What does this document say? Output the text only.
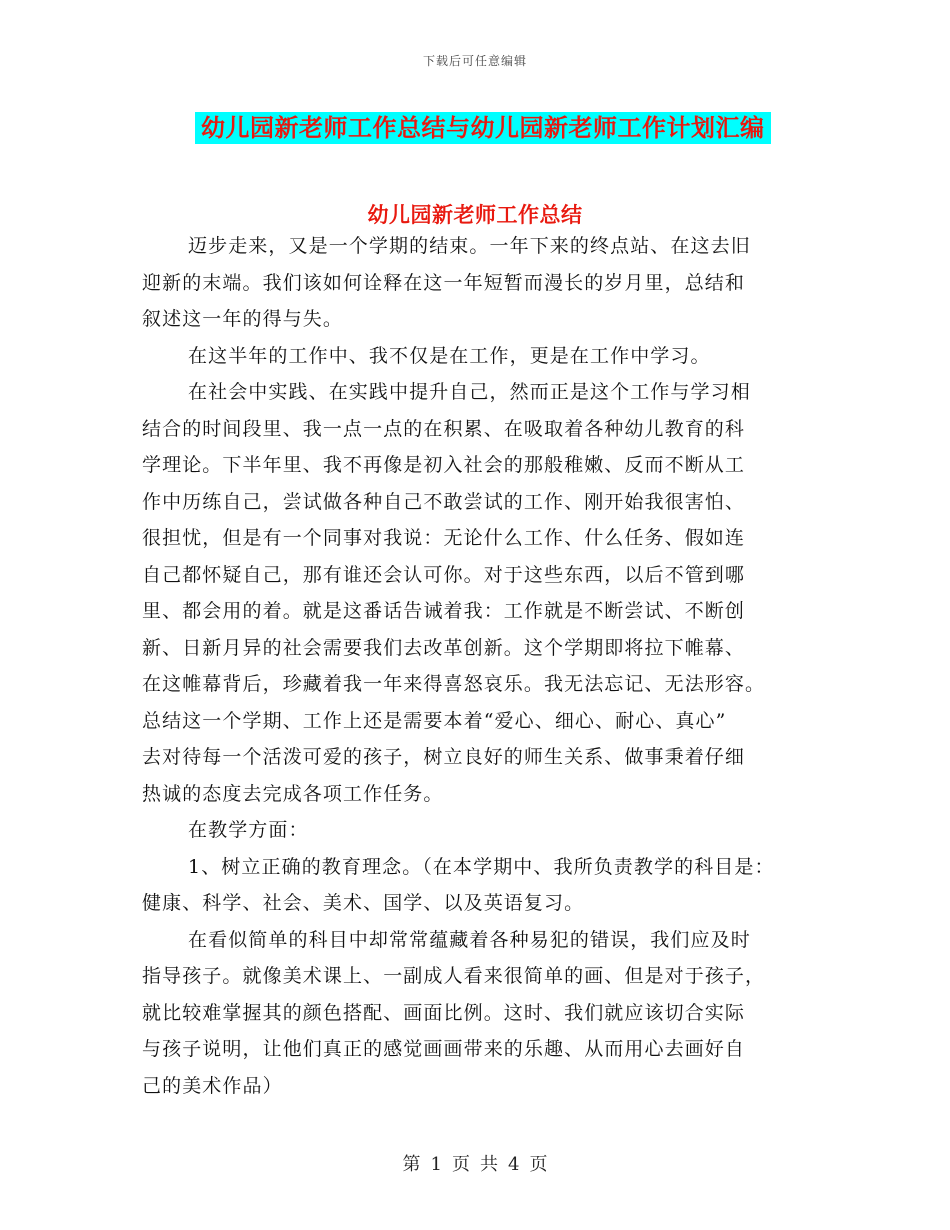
下载后可任意编辑
幼儿园新老师工作总结与幼儿园新老师工作计划汇编
幼儿园新老师工作总结
迈步走来，又是一个学期的结束。一年下来的终点站、在这去旧
迎新的末端。我们该如何诠释在这一年短暂而漫长的岁月里，总结和
叙述这一年的得与失。
在这半年的工作中、我不仅是在工作，更是在工作中学习。
在社会中实践、在实践中提升自己，然而正是这个工作与学习相
结合的时间段里、我一点一点的在积累、在吸取着各种幼儿教育的科
学理论。下半年里、我不再像是初入社会的那般稚嫩、反而不断从工
作中历练自己，尝试做各种自己不敢尝试的工作、刚开始我很害怕、
很担忧，但是有一个同事对我说：无论什么工作、什么任务、假如连
自己都怀疑自己，那有谁还会认可你。对于这些东西，以后不管到哪
里、都会用的着。就是这番话告诫着我：工作就是不断尝试、不断创
新、日新月异的社会需要我们去改革创新。这个学期即将拉下帷幕、
在这帷幕背后，珍藏着我一年来得喜怒哀乐。我无法忘记、无法形容。
总结这一个学期、工作上还是需要本着“爱心、细心、耐心、真心”
去对待每一个活泼可爱的孩子，树立良好的师生关系、做事秉着仔细
热诚的态度去完成各项工作任务。
在教学方面：
1、树立正确的教育理念。（在本学期中、我所负责教学的科目是：
健康、科学、社会、美术、国学、以及英语复习。
在看似简单的科目中却常常蕴藏着各种易犯的错误，我们应及时
指导孩子。就像美术课上、一副成人看来很简单的画、但是对于孩子，
就比较难掌握其的颜色搭配、画面比例。这时、我们就应该切合实际
与孩子说明，让他们真正的感觉画画带来的乐趣、从而用心去画好自
己的美术作品）
第 1 页 共 4 页
